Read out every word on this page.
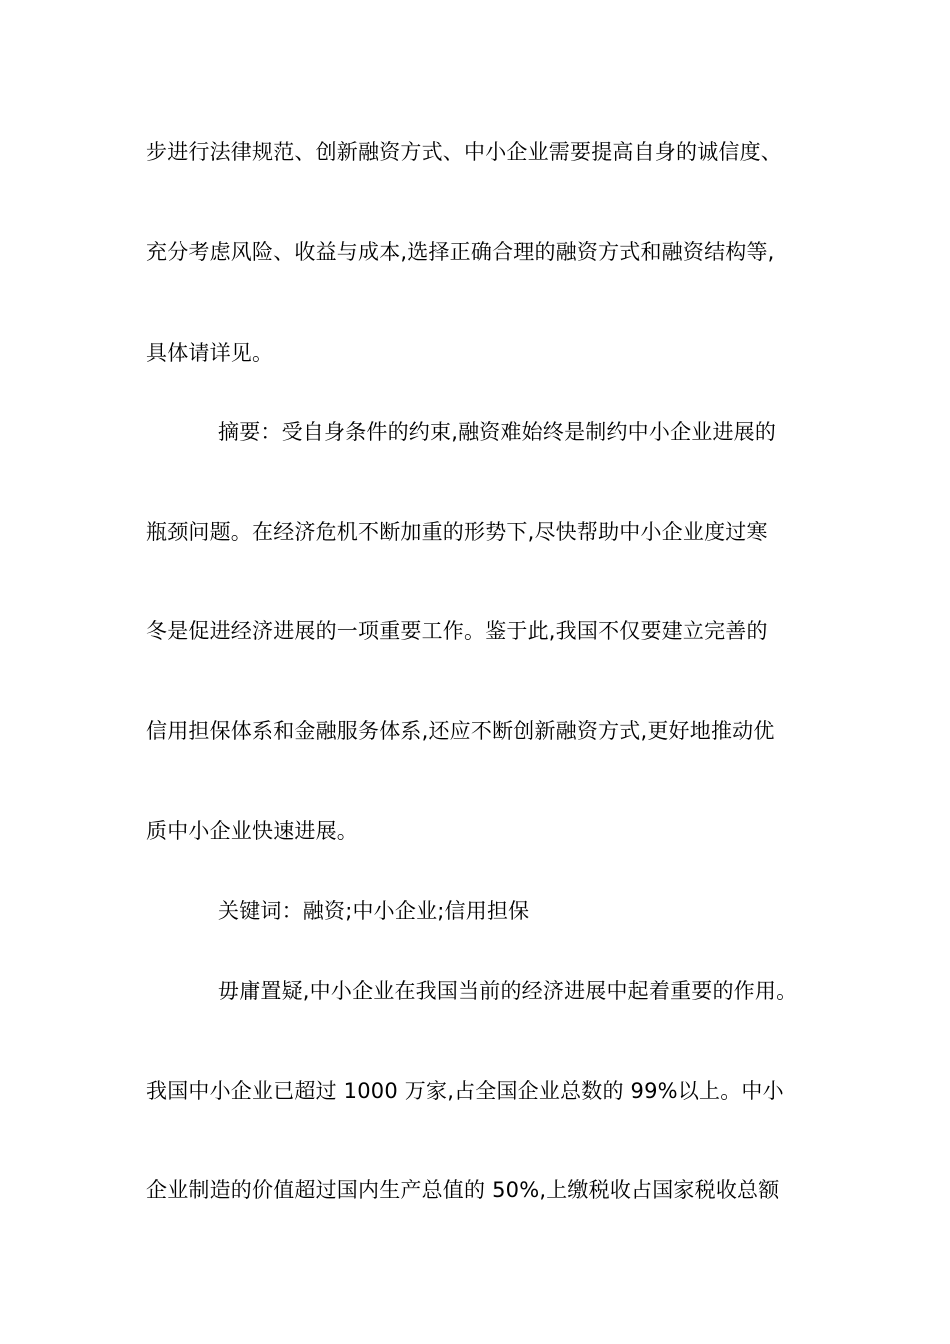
步进行法律规范、创新融资方式、中小企业需要提高自身的诚信度、
充分考虑风险、收益与成本,选择正确合理的融资方式和融资结构等,
具体请详见。
摘要：受自身条件的约束,融资难始终是制约中小企业进展的
瓶颈问题。在经济危机不断加重的形势下,尽快帮助中小企业度过寒
冬是促进经济进展的一项重要工作。鉴于此,我国不仅要建立完善的
信用担保体系和金融服务体系,还应不断创新融资方式,更好地推动优
质中小企业快速进展。
关键词：融资;中小企业;信用担保
毋庸置疑,中小企业在我国当前的经济进展中起着重要的作用。
我国中小企业已超过 1000 万家,占全国企业总数的 99%以上。中小
企业制造的价值超过国内生产总值的 50%,上缴税收占国家税收总额
